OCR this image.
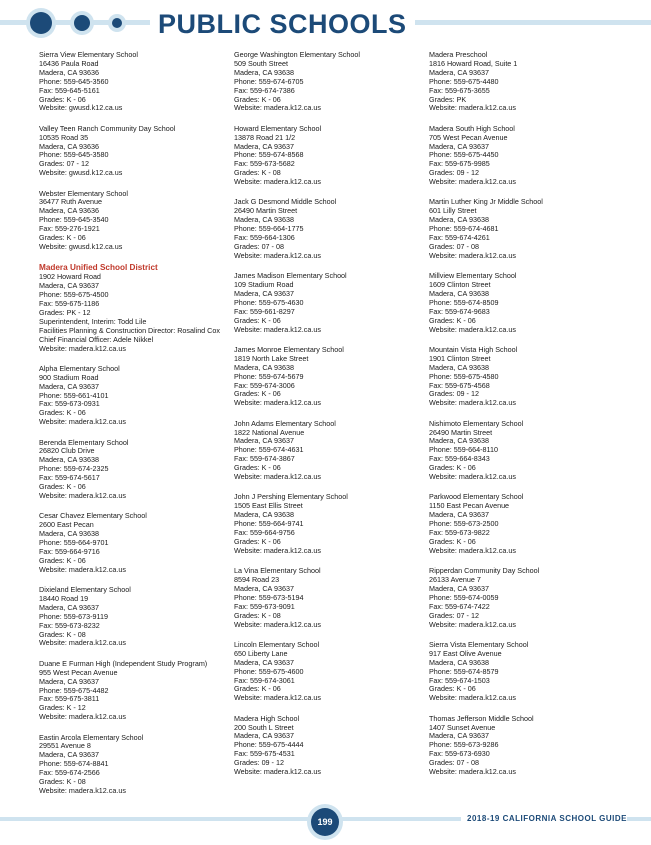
PUBLIC SCHOOLS
Sierra View Elementary School
16436 Paula Road
Madera, CA 93636
Phone: 559-645-3560
Fax: 559-645-5161
Grades: K - 06
Website: gwusd.k12.ca.us
Valley Teen Ranch Community Day School
10535 Road 35
Madera, CA 93636
Phone: 559-645-3580
Grades: 07 - 12
Website: gwusd.k12.ca.us
Webster Elementary School
36477 Ruth Avenue
Madera, CA 93636
Phone: 559-645-3540
Fax: 559-276-1921
Grades: K - 06
Website: gwusd.k12.ca.us
Madera Unified School District
1902 Howard Road
Madera, CA 93637
Phone: 559-675-4500
Fax: 559-675-1186
Grades: PK - 12
Superintendent, Interim: Todd Lile
Facilities Planning & Construction Director: Rosalind Cox
Chief Financial Officer: Adele Nikkel
Website: madera.k12.ca.us
Alpha Elementary School
900 Stadium Road
Madera, CA 93637
Phone: 559-661-4101
Fax: 559-673-0931
Grades: K - 06
Website: madera.k12.ca.us
Berenda Elementary School
26820 Club Drive
Madera, CA 93638
Phone: 559-674-2325
Fax: 559-674-5617
Grades: K - 06
Website: madera.k12.ca.us
Cesar Chavez Elementary School
2600 East Pecan
Madera, CA 93638
Phone: 559-664-9701
Fax: 559-664-9716
Grades: K - 06
Website: madera.k12.ca.us
Dixieland Elementary School
18440 Road 19
Madera, CA 93637
Phone: 559-673-9119
Fax: 559-673-8232
Grades: K - 08
Website: madera.k12.ca.us
Duane E Furman High (Independent Study Program)
955 West Pecan Avenue
Madera, CA 93637
Phone: 559-675-4482
Fax: 559-675-3811
Grades: K - 12
Website: madera.k12.ca.us
Eastin Arcola Elementary School
29551 Avenue 8
Madera, CA 93637
Phone: 559-674-8841
Fax: 559-674-2566
Grades: K - 08
Website: madera.k12.ca.us
George Washington Elementary School
509 South Street
Madera, CA 93638
Phone: 559-674-6705
Fax: 559-674-7386
Grades: K - 06
Website: madera.k12.ca.us
Howard Elementary School
13878 Road 21 1/2
Madera, CA 93637
Phone: 559-674-8568
Fax: 559-673-5682
Grades: K - 08
Website: madera.k12.ca.us
Jack G Desmond Middle School
26490 Martin Street
Madera, CA 93638
Phone: 559-664-1775
Fax: 559-664-1306
Grades: 07 - 08
Website: madera.k12.ca.us
James Madison Elementary School
109 Stadium Road
Madera, CA 93637
Phone: 559-675-4630
Fax: 559-661-8297
Grades: K - 06
Website: madera.k12.ca.us
James Monroe Elementary School
1819 North Lake Street
Madera, CA 93638
Phone: 559-674-5679
Fax: 559-674-3006
Grades: K - 06
Website: madera.k12.ca.us
John Adams Elementary School
1822 National Avenue
Madera, CA 93637
Phone: 559-674-4631
Fax: 559-674-3867
Grades: K - 06
Website: madera.k12.ca.us
John J Pershing Elementary School
1505 East Ellis Street
Madera, CA 93638
Phone: 559-664-9741
Fax: 559-664-9756
Grades: K - 06
Website: madera.k12.ca.us
La Vina Elementary School
8594 Road 23
Madera, CA 93637
Phone: 559-673-5194
Fax: 559-673-9091
Grades: K - 08
Website: madera.k12.ca.us
Lincoln Elementary School
650 Liberty Lane
Madera, CA 93637
Phone: 559-675-4600
Fax: 559-674-3061
Grades: K - 06
Website: madera.k12.ca.us
Madera High School
200 South L Street
Madera, CA 93637
Phone: 559-675-4444
Fax: 559-675-4531
Grades: 09 - 12
Website: madera.k12.ca.us
Madera Preschool
1816 Howard Road, Suite 1
Madera, CA 93637
Phone: 559-675-4480
Fax: 559-675-3655
Grades: PK
Website: madera.k12.ca.us
Madera South High School
705 West Pecan Avenue
Madera, CA 93637
Phone: 559-675-4450
Fax: 559-675-9985
Grades: 09 - 12
Website: madera.k12.ca.us
Martin Luther King Jr Middle School
601 Lilly Street
Madera, CA 93638
Phone: 559-674-4681
Fax: 559-674-4261
Grades: 07 - 08
Website: madera.k12.ca.us
Millview Elementary School
1609 Clinton Street
Madera, CA 93638
Phone: 559-674-8509
Fax: 559-674-9683
Grades: K - 06
Website: madera.k12.ca.us
Mountain Vista High School
1901 Clinton Street
Madera, CA 93638
Phone: 559-675-4580
Fax: 559-675-4568
Grades: 09 - 12
Website: madera.k12.ca.us
Nishimoto Elementary School
26490 Martin Street
Madera, CA 93638
Phone: 559-664-8110
Fax: 559-664-8343
Grades: K - 06
Website: madera.k12.ca.us
Parkwood Elementary School
1150 East Pecan Avenue
Madera, CA 93637
Phone: 559-673-2500
Fax: 559-673-9822
Grades: K - 06
Website: madera.k12.ca.us
Ripperdan Community Day School
26133 Avenue 7
Madera, CA 93637
Phone: 559-674-0059
Fax: 559-674-7422
Grades: 07 - 12
Website: madera.k12.ca.us
Sierra Vista Elementary School
917 East Olive Avenue
Madera, CA 93638
Phone: 559-674-8579
Fax: 559-674-1503
Grades: K - 06
Website: madera.k12.ca.us
Thomas Jefferson Middle School
1407 Sunset Avenue
Madera, CA 93637
Phone: 559-673-9286
Fax: 559-673-6930
Grades: 07 - 08
Website: madera.k12.ca.us
199	2018-19 CALIFORNIA SCHOOL GUIDE
